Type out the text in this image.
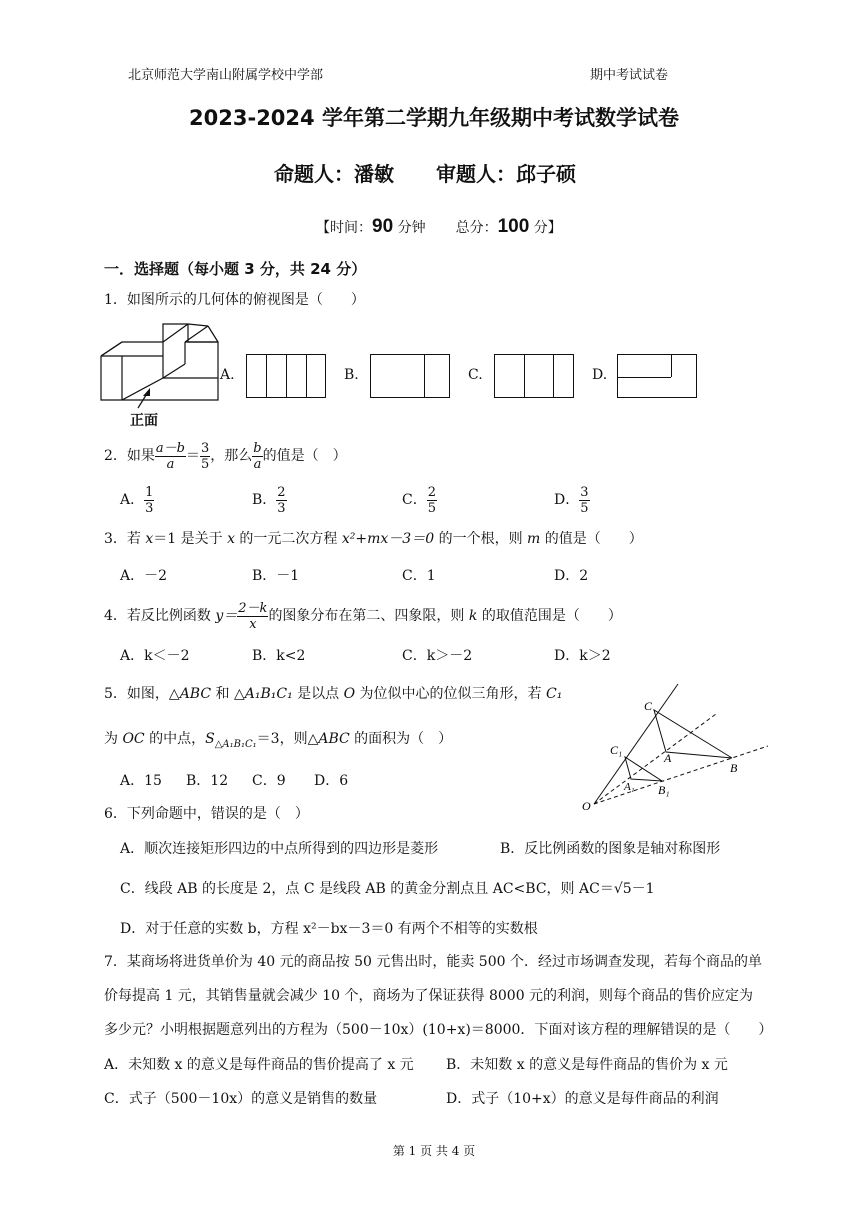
北京师范大学南山附属学校中学部	期中考试试卷
2023-2024 学年第二学期九年级期中考试数学试卷
命题人：潘敏 审题人：邱子硕
【时间：90 分钟 总分：100 分】
一．选择题（每小题 3 分，共 24 分）
1．如图所示的几何体的俯视图是（　　）
正面
A.	B.	C.	D.
2．如果 $\frac{a-b}{a} = \frac{3}{5}$ ，那么 $\frac{b}{a}$ 的值是（　）
A． $\frac{1}{3}$	B． $\frac{2}{3}$	C． $\frac{2}{5}$	D． $\frac{3}{5}$
3．若 x＝1 是关于 x 的一元二次方程 x²+mx－3＝0 的一个根，则 m 的值是（　　）
A．－2	B．－1	C．1	D．2
4．若反比例函数 $y= \frac{2-k}{x}$ 的图象分布在第二、四象限，则 k 的取值范围是（　　）
A．k＜－2	B．k<2	C．k＞－2	D．k＞2
5．如图，△ABC 和 △A₁B₁C₁ 是以点 O 为位似中心的位似三角形，若 C₁
为 OC 的中点，$S_{\triangle A_1B_1C_1}=3$，则△ABC 的面积为（　）
A．15 B．12 C．9 D．6
C
A
B
C₁
A₁ B₁
O
6．下列命题中，错误的是（　）
A．顺次连接矩形四边的中点所得到的四边形是菱形	B．反比例函数的图象是轴对称图形
C．线段 AB 的长度是 2，点 C 是线段 AB 的黄金分割点且 AC<BC，则 AC＝√5－1
D．对于任意的实数 b，方程 x²－bx－3＝0 有两个不相等的实数根
7．某商场将进货单价为 40 元的商品按 50 元售出时，能卖 500 个．经过市场调查发现，若每个商品的单
价每提高 1 元，其销售量就会减少 10 个，商场为了保证获得 8000 元的利润，则每个商品的售价应定为
多少元？小明根据题意列出的方程为（500－10x）(10+x)＝8000．下面对该方程的理解错误的是（　　）
A．未知数 x 的意义是每件商品的售价提高了 x 元 B．未知数 x 的意义是每件商品的售价为 x 元
C．式子（500－10x）的意义是销售的数量	D．式子（10+x）的意义是每件商品的利润
第 1 页 共 4 页
